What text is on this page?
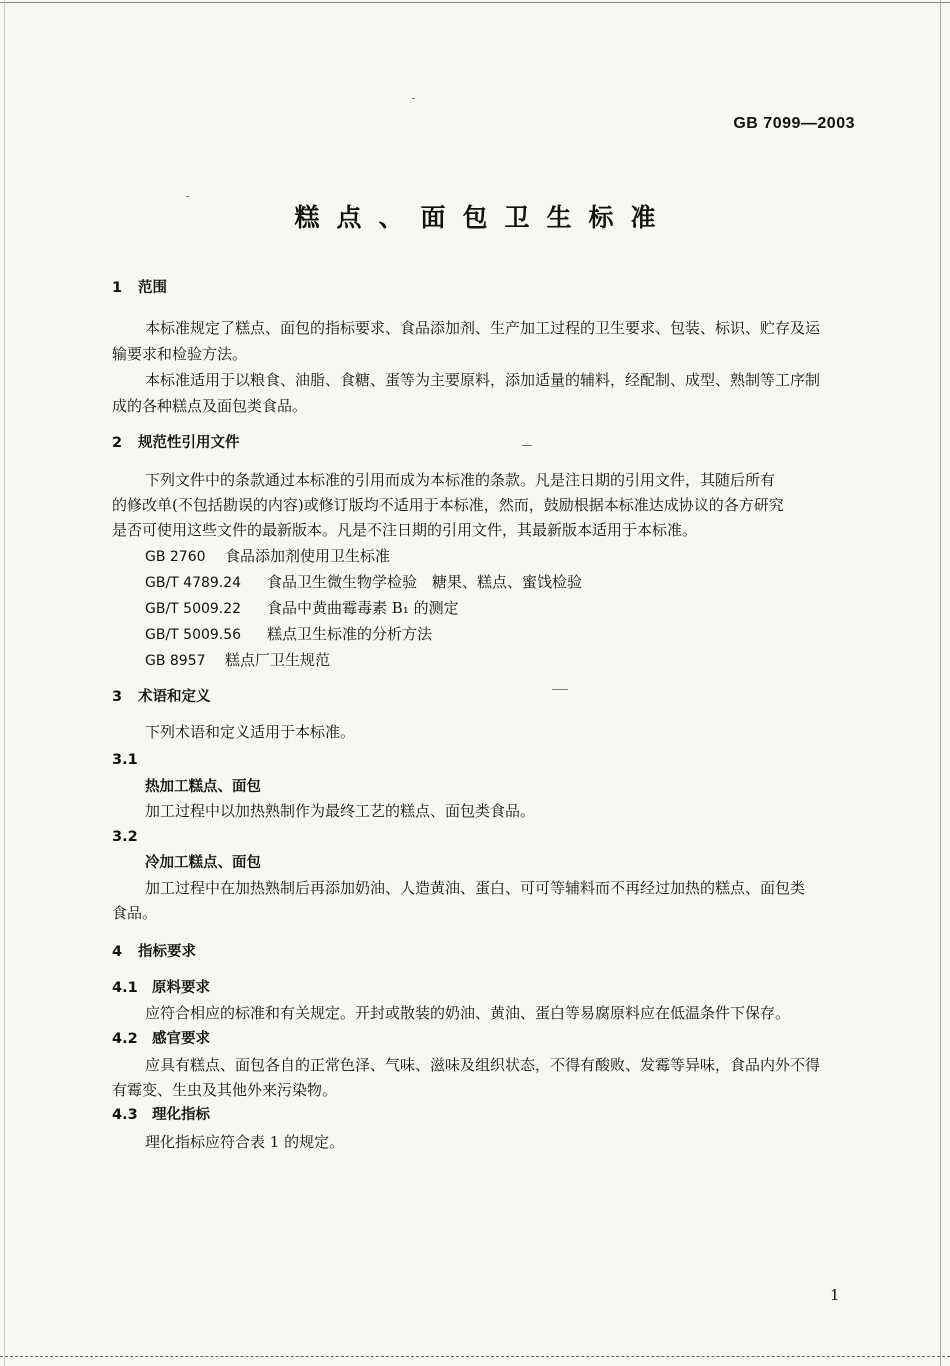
GB 7099—2003
糕点、面包卫生标准
1 范围
本标准规定了糕点、面包的指标要求、食品添加剂、生产加工过程的卫生要求、包装、标识、贮存及运
输要求和检验方法。
本标准适用于以粮食、油脂、食糖、蛋等为主要原料，添加适量的辅料，经配制、成型、熟制等工序制
成的各种糕点及面包类食品。
2 规范性引用文件
下列文件中的条款通过本标准的引用而成为本标准的条款。凡是注日期的引用文件，其随后所有
的修改单(不包括勘误的内容)或修订版均不适用于本标准，然而，鼓励根据本标准达成协议的各方研究
是否可使用这些文件的最新版本。凡是不注日期的引用文件，其最新版本适用于本标准。
GB 2760 食品添加剂使用卫生标准
GB/T 4789.24 食品卫生微生物学检验　糖果、糕点、蜜饯检验
GB/T 5009.22 食品中黄曲霉毒素 B₁ 的测定
GB/T 5009.56 糕点卫生标准的分析方法
GB 8957 糕点厂卫生规范
3 术语和定义
下列术语和定义适用于本标准。
3.1
热加工糕点、面包
加工过程中以加热熟制作为最终工艺的糕点、面包类食品。
3.2
冷加工糕点、面包
加工过程中在加热熟制后再添加奶油、人造黄油、蛋白、可可等辅料而不再经过加热的糕点、面包类
食品。
4 指标要求
4.1 原料要求
应符合相应的标准和有关规定。开封或散装的奶油、黄油、蛋白等易腐原料应在低温条件下保存。
4.2 感官要求
应具有糕点、面包各自的正常色泽、气味、滋味及组织状态，不得有酸败、发霉等异味，食品内外不得
有霉变、生虫及其他外来污染物。
4.3 理化指标
理化指标应符合表 1 的规定。
1
